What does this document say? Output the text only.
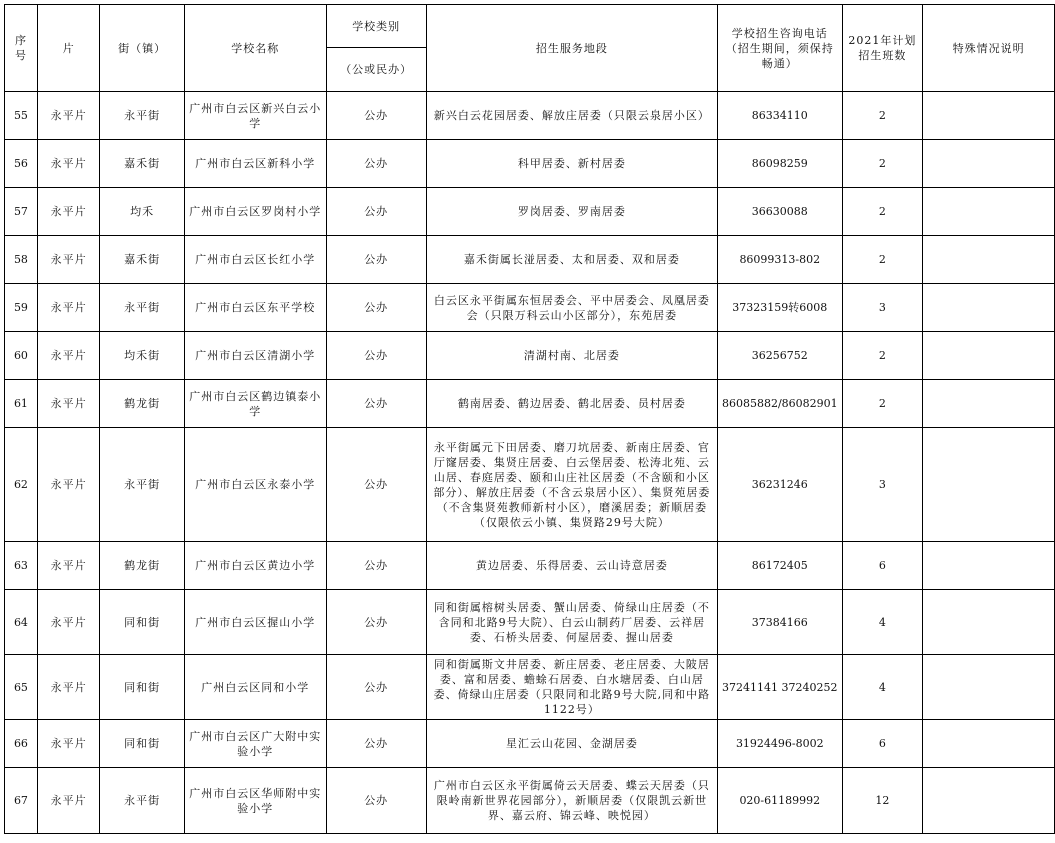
序号	片	街（镇）	学校名称	学校类别	招生服务地段	学校招生咨询电话（招生期间，须保持畅通）	2021年计划招生班数	特殊情况说明
				（公或民办）				
55	永平片	永平街	广州市白云区新兴白云小学	公办	新兴白云花园居委、解放庄居委（只限云泉居小区）	86334110	2	
56	永平片	嘉禾街	广州市白云区新科小学	公办	科甲居委、新村居委	86098259	2	
57	永平片	均禾	广州市白云区罗岗村小学	公办	罗岗居委、罗南居委	36630088	2	
58	永平片	嘉禾街	广州市白云区长红小学	公办	嘉禾街属长湴居委、太和居委、双和居委	86099313-802	2	
59	永平片	永平街	广州市白云区东平学校	公办	白云区永平街属东恒居委会、平中居委会、凤凰居委会（只限万科云山小区部分），东苑居委	37323159转6008	3	
60	永平片	均禾街	广州市白云区清湖小学	公办	清湖村南、北居委	36256752	2	
61	永平片	鹤龙街	广州市白云区鹤边镇泰小学	公办	鹤南居委、鹤边居委、鹤北居委、员村居委	86085882/86082901	2	
62	永平片	永平街	广州市白云区永泰小学	公办	永平街属元下田居委、磨刀坑居委、新南庄居委、官厅窿居委、集贤庄居委、白云堡居委、松涛北苑、云山居、春庭居委、颐和山庄社区居委（不含颐和小区部分）、解放庄居委（不含云泉居小区）、集贤苑居委（不含集贤苑教师新村小区），磨溪居委；新顺居委（仅限依云小镇、集贤路29号大院）	36231246	3	
63	永平片	鹤龙街	广州市白云区黄边小学	公办	黄边居委、乐得居委、云山诗意居委	86172405	6	
64	永平片	同和街	广州市白云区握山小学	公办	同和街属榕树头居委、蟹山居委、倚绿山庄居委（不含同和北路9号大院）、白云山制药厂居委、云祥居委、石桥头居委、何屋居委、握山居委	37384166	4	
65	永平片	同和街	广州白云区同和小学	公办	同和街属斯文井居委、新庄居委、老庄居委、大陂居委、富和居委、蟾蜍石居委、白水塘居委、白山居委、倚绿山庄居委（只限同和北路9号大院,同和中路1122号）	37241141 37240252	4	
66	永平片	同和街	广州市白云区广大附中实验小学	公办	星汇云山花园、金湖居委	31924496-8002	6	
67	永平片	永平街	广州市白云区华师附中实验小学	公办	广州市白云区永平街属倚云天居委、蝶云天居委（只限岭南新世界花园部分），新顺居委（仅限凯云新世界、嘉云府、锦云峰、映悦园）	020-61189992	12	
